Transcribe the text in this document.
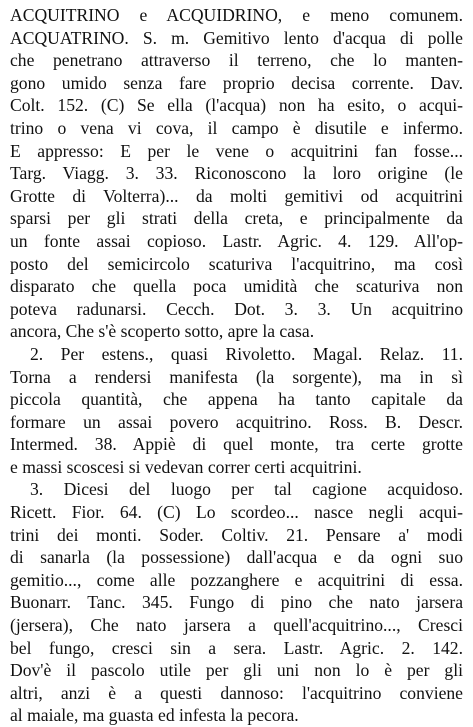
ACQUITRINO e ACQUIDRINO, e meno comunem.
ACQUATRINO. S. m. Gemitivo lento d'acqua di polle
che penetrano attraverso il terreno, che lo manten-
gono umido senza fare proprio decisa corrente. Dav.
Colt. 152. (C) Se ella (l'acqua) non ha esito, o acqui-
trino o vena vi cova, il campo è disutile e infermo.
E appresso: E per le vene o acquitrini fan fosse...
Targ. Viagg. 3. 33. Riconoscono la loro origine (le
Grotte di Volterra)... da molti gemitivi od acquitrini
sparsi per gli strati della creta, e principalmente da
un fonte assai copioso. Lastr. Agric. 4. 129. All'op-
posto del semicircolo scaturiva l'acquitrino, ma così
disparato che quella poca umidità che scaturiva non
poteva radunarsi. Cecch. Dot. 3. 3. Un acquitrino
ancora, Che s'è scoperto sotto, apre la casa.
2. Per estens., quasi Rivoletto. Magal. Relaz. 11.
Torna a rendersi manifesta (la sorgente), ma in sì
piccola quantità, che appena ha tanto capitale da
formare un assai povero acquitrino. Ross. B. Descr.
Intermed. 38. Appiè di quel monte, tra certe grotte
e massi scoscesi si vedevan correr certi acquitrini.
3. Dicesi del luogo per tal cagione acquidoso.
Ricett. Fior. 64. (C) Lo scordeo... nasce negli acqui-
trini dei monti. Soder. Coltiv. 21. Pensare a' modi
di sanarla (la possessione) dall'acqua e da ogni suo
gemitio..., come alle pozzanghere e acquitrini di essa.
Buonarr. Tanc. 345. Fungo di pino che nato jarsera
(jersera), Che nato jarsera a quell'acquitrino..., Cresci
bel fungo, cresci sin a sera. Lastr. Agric. 2. 142.
Dov'è il pascolo utile per gli uni non lo è per gli
altri, anzi è a questi dannoso: l'acquitrino conviene
al maiale, ma guasta ed infesta la pecora.
